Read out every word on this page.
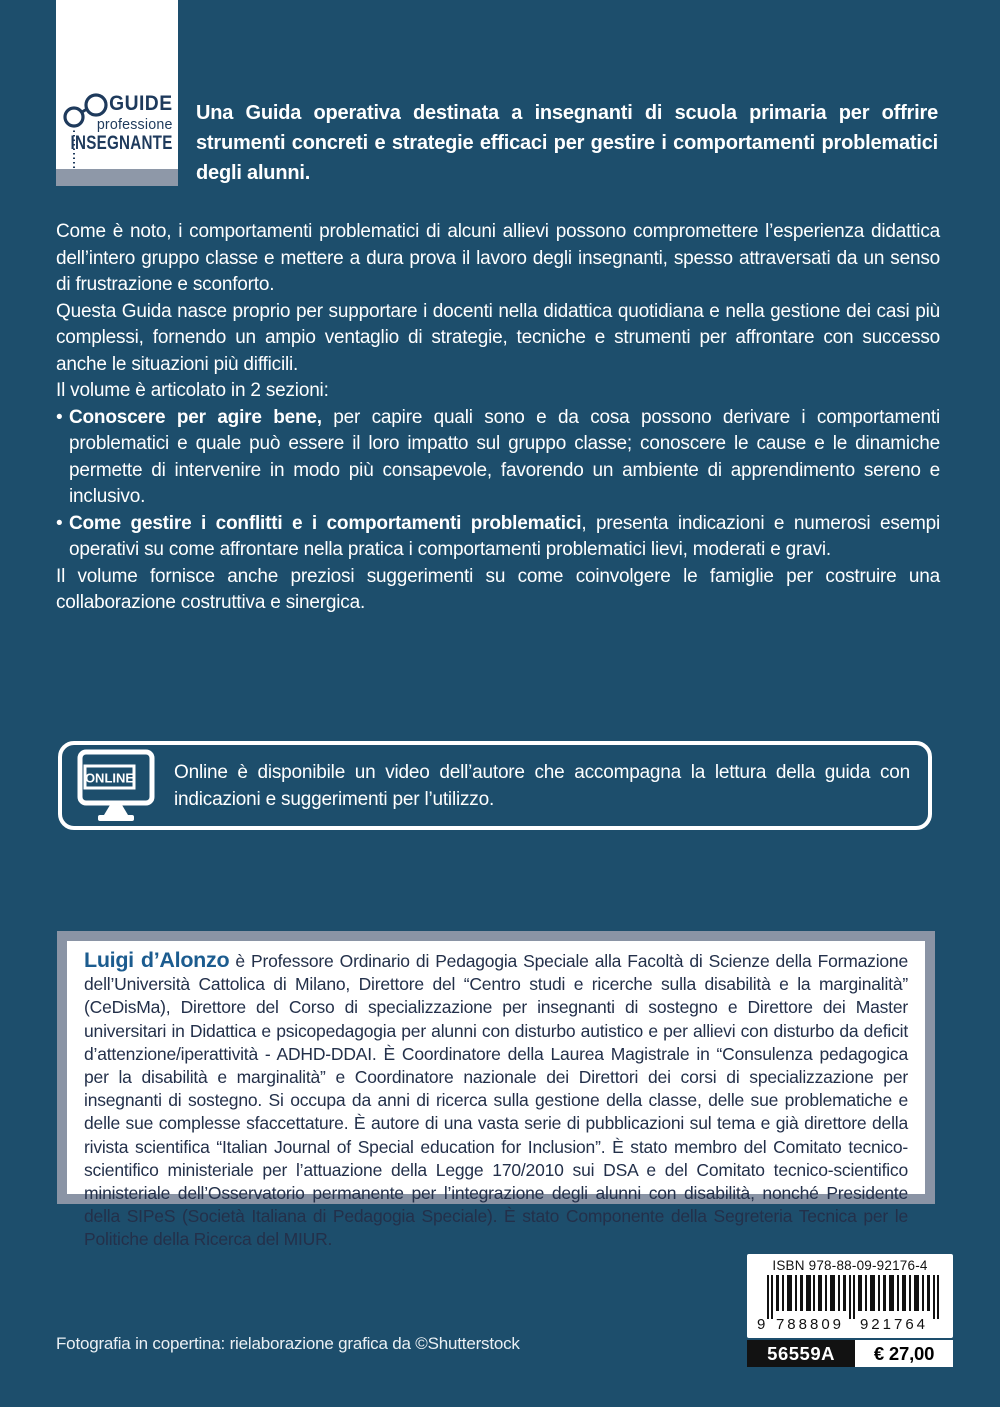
GUIDE
professione
INSEGNANTE
Una Guida operativa destinata a insegnanti di scuola primaria per offrire strumenti concreti e strategie efficaci per gestire i comportamenti problematici degli alunni.

Come è noto, i comportamenti problematici di alcuni allievi possono compromettere l’esperienza didattica dell’intero gruppo classe e mettere a dura prova il lavoro degli insegnanti, spesso attraversati da un senso di frustrazione e sconforto.

Questa Guida nasce proprio per supportare i docenti nella didattica quotidiana e nella gestione dei casi più complessi, fornendo un ampio ventaglio di strategie, tecniche e strumenti per affrontare con successo anche le situazioni più difficili.

Il volume è articolato in 2 sezioni:

• Conoscere per agire bene, per capire quali sono e da cosa possono derivare i comportamenti problematici e quale può essere il loro impatto sul gruppo classe; conoscere le cause e le dinamiche permette di intervenire in modo più consapevole, favorendo un ambiente di apprendimento sereno e inclusivo.

• Come gestire i conflitti e i comportamenti problematici, presenta indicazioni e numerosi esempi operativi su come affrontare nella pratica i comportamenti problematici lievi, moderati e gravi.

Il volume fornisce anche preziosi suggerimenti su come coinvolgere le famiglie per costruire una collaborazione costruttiva e sinergica.

ONLINE Online è disponibile un video dell’autore che accompagna la lettura della guida con indicazioni e suggerimenti per l’utilizzo.
Luigi d’Alonzo è Professore Ordinario di Pedagogia Speciale alla Facoltà di Scienze della Formazione dell’Università Cattolica di Milano, Direttore del “Centro studi e ricerche sulla disabilità e la marginalità” (CeDisMa), Direttore del Corso di specializzazione per insegnanti di sostegno e Direttore dei Master universitari in Didattica e psicopedagogia per alunni con disturbo autistico e per allievi con disturbo da deficit d’attenzione/iperattività - ADHD-DDAI. È Coordinatore della Laurea Magistrale in “Consulenza pedagogica per la disabilità e marginalità” e Coordinatore nazionale dei Direttori dei corsi di specializzazione per insegnanti di sostegno. Si occupa da anni di ricerca sulla gestione della classe, delle sue problematiche e delle sue complesse sfaccettature. È autore di una vasta serie di pubblicazioni sul tema e già direttore della rivista scientifica “Italian Journal of Special education for Inclusion”. È stato membro del Comitato tecnico-scientifico ministeriale per l’attuazione della Legge 170/2010 sui DSA e del Comitato tecnico-scientifico ministeriale dell’Osservatorio permanente per l’integrazione degli alunni con disabilità, nonché Presidente della SIPeS (Società Italiana di Pedagogia Speciale). È stato Componente della Segreteria Tecnica per le Politiche della Ricerca del MIUR.
ISBN 978-88-09-92176-4
9 788809 921764
56559A	€ 27,00
Fotografia in copertina: rielaborazione grafica da ©Shutterstock
